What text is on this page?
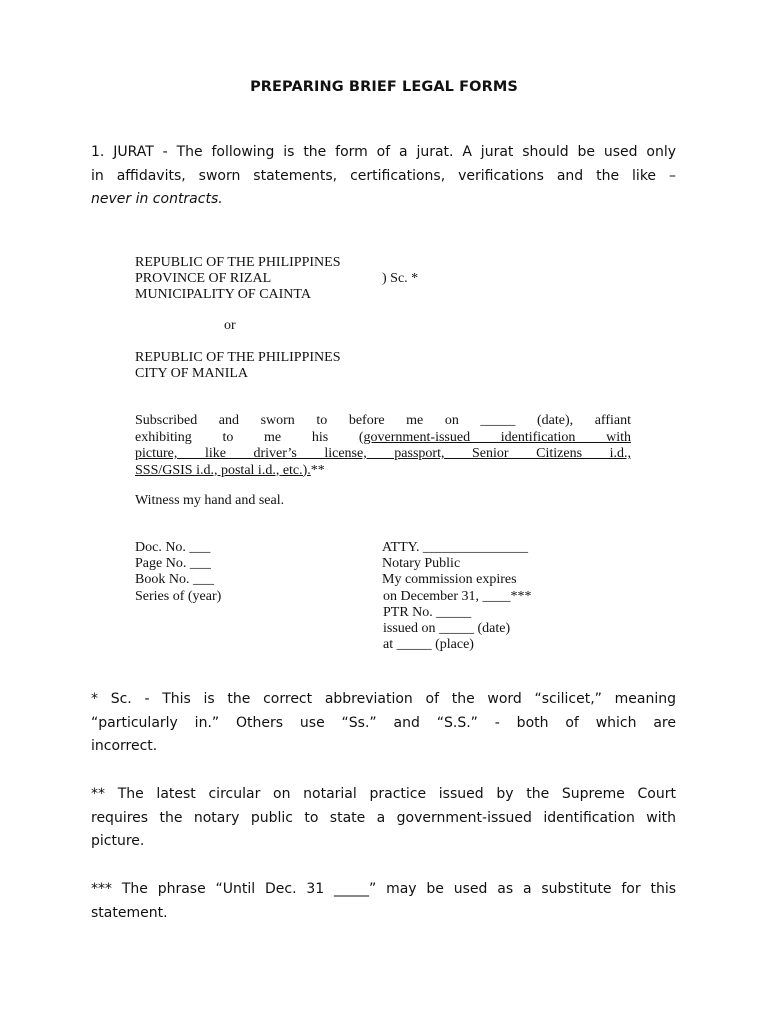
PREPARING BRIEF LEGAL FORMS
1. JURAT - The following is the form of a jurat. A jurat should be used only
in affidavits, sworn statements, certifications, verifications and the like –
never in contracts.
REPUBLIC OF THE PHILIPPINES
PROVINCE OF RIZAL
MUNICIPALITY OF CAINTA
) Sc. *
or
REPUBLIC OF THE PHILIPPINES
CITY OF MANILA
Subscribed and sworn to before me on _____ (date), affiant
exhibiting to me his (government-issued identification with
picture, like driver’s license, passport, Senior Citizens i.d.,
SSS/GSIS i.d., postal i.d., etc.).**
Witness my hand and seal.
Doc. No. ___
Page No. ___
Book No. ___
Series of (year)
ATTY. _______________
Notary Public
My commission expires
on December 31, ____***
PTR No. _____
issued on _____ (date)
at _____ (place)
* Sc. - This is the correct abbreviation of the word “scilicet,” meaning
“particularly in.” Others use “Ss.” and “S.S.” - both of which are
incorrect.
** The latest circular on notarial practice issued by the Supreme Court
requires the notary public to state a government-issued identification with
picture.
*** The phrase “Until Dec. 31 _____” may be used as a substitute for this
statement.
